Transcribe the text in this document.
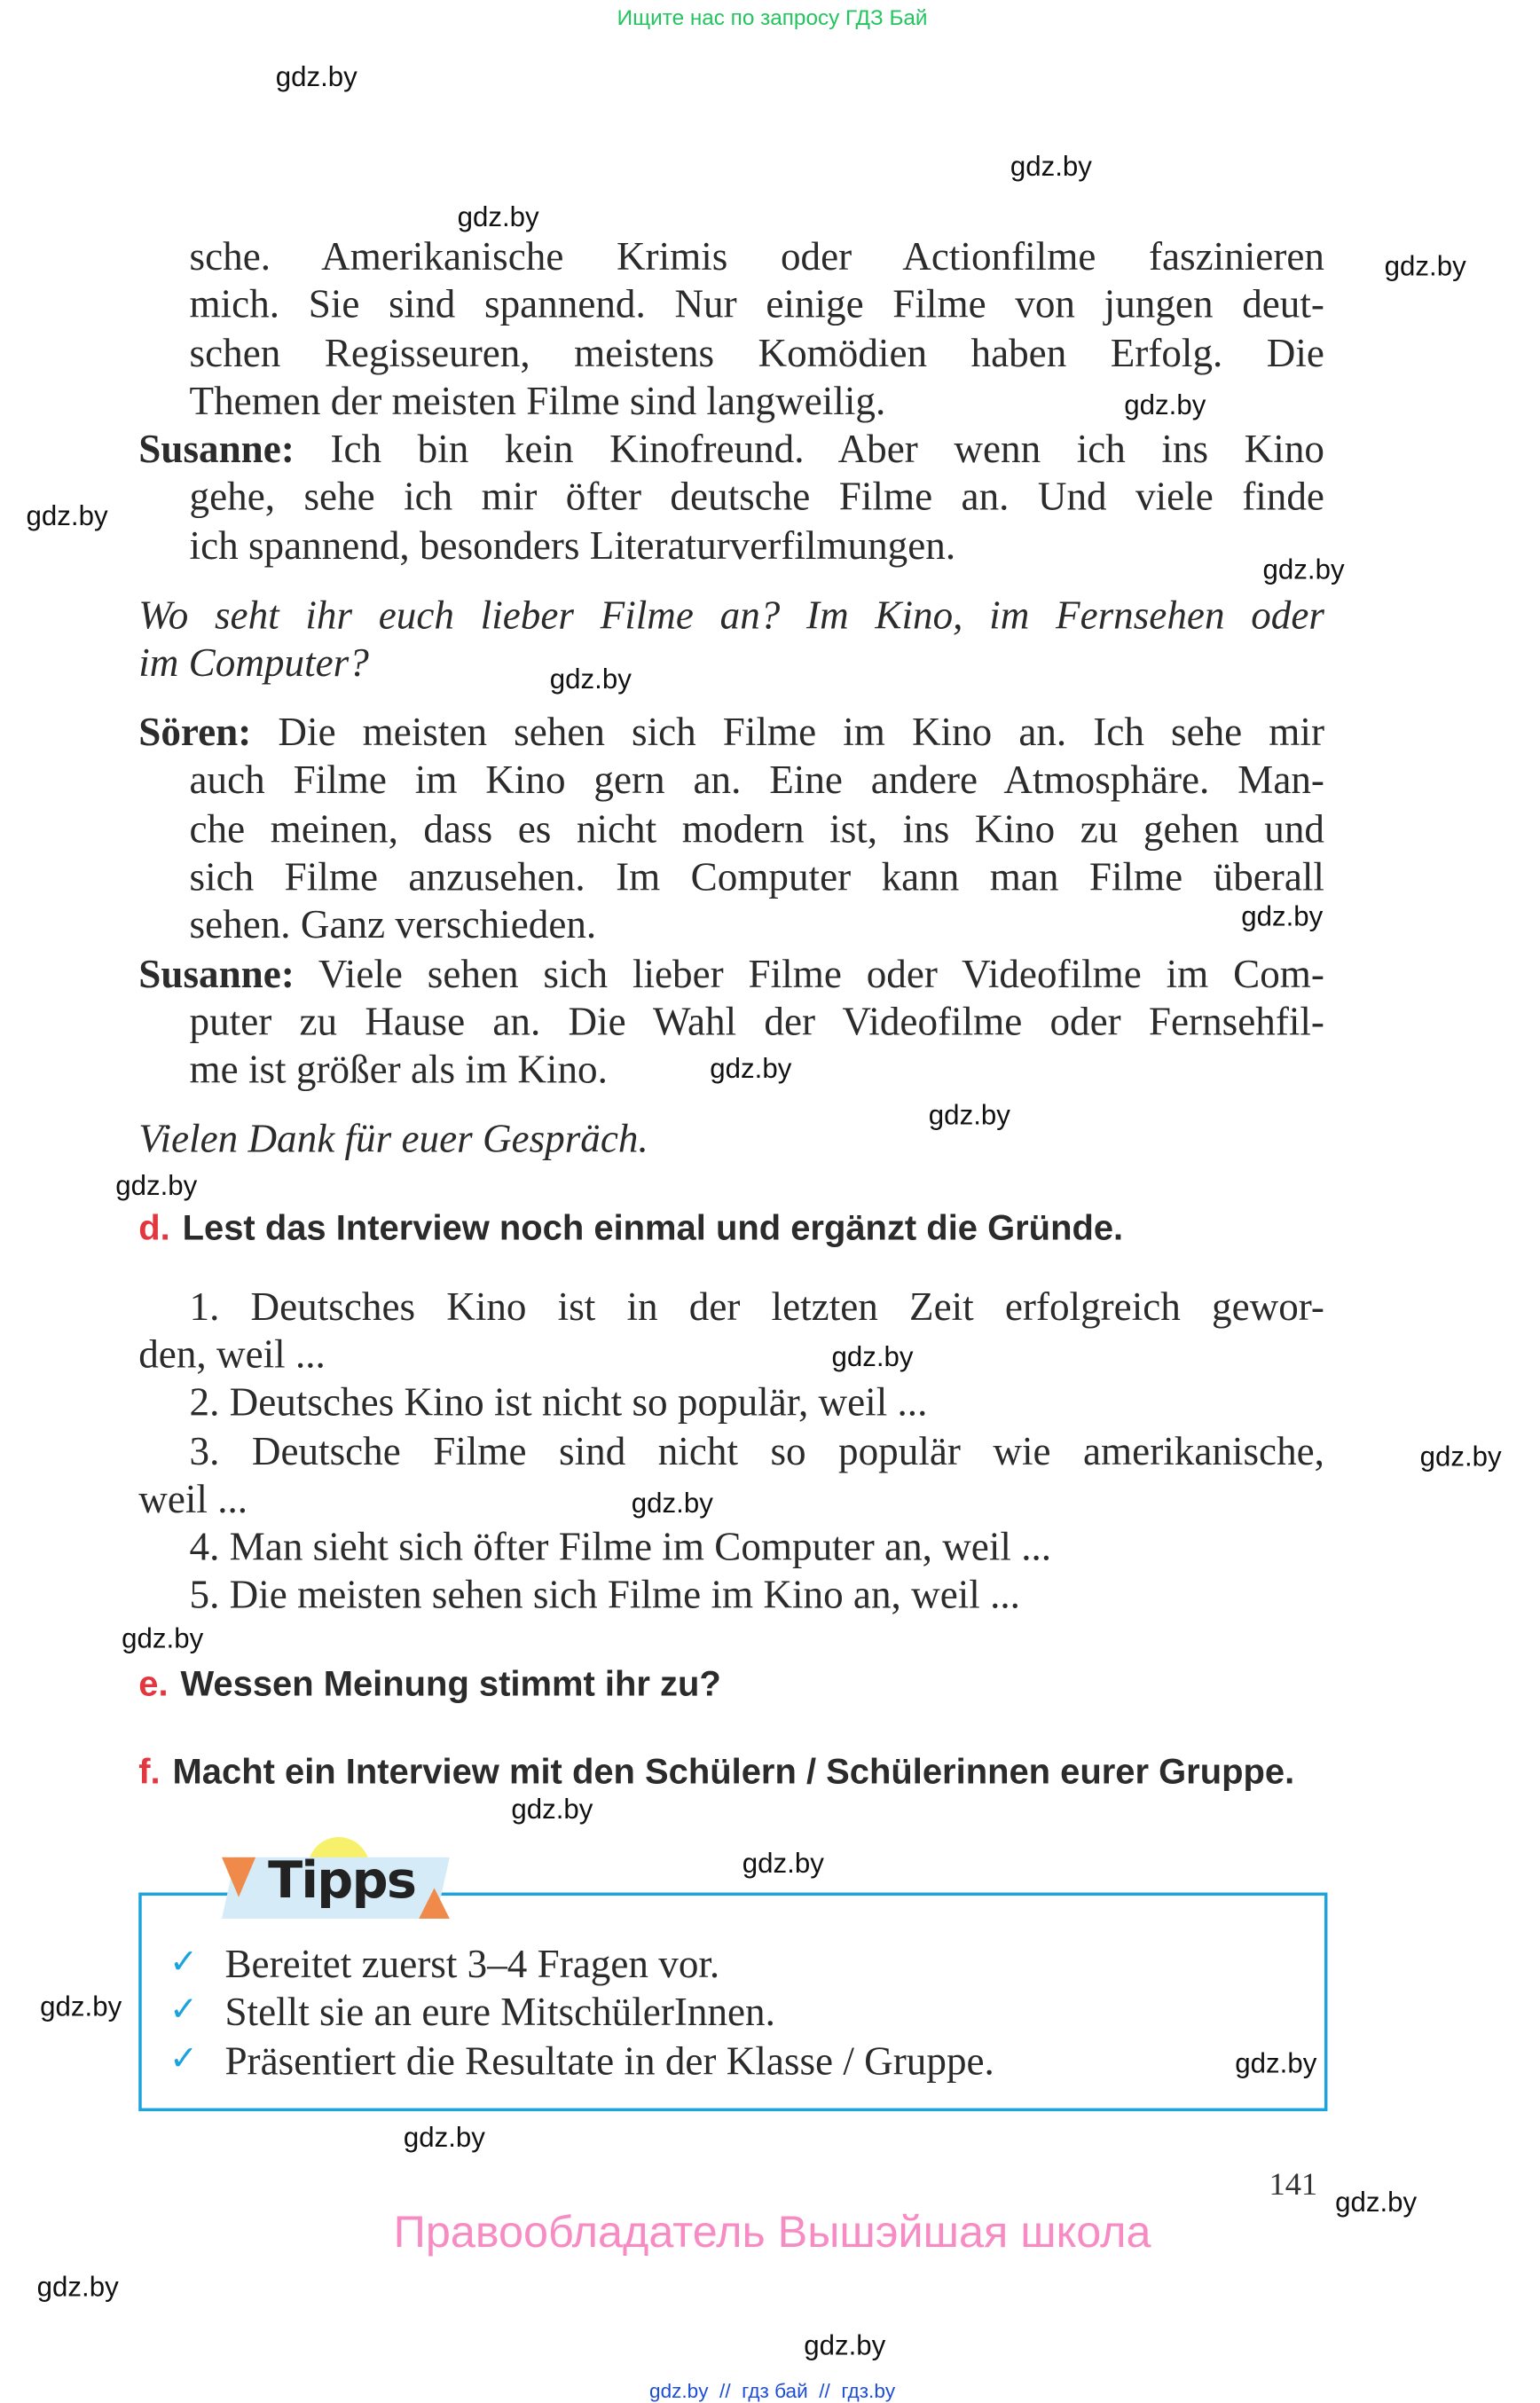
Ищите нас по запросу ГДЗ Бай
sche. Amerikanische Krimis oder Actionfilme faszinieren
mich. Sie sind spannend. Nur einige Filme von jungen deut-
schen Regisseuren, meistens Komödien haben Erfolg. Die
Themen der meisten Filme sind langweilig.
Susanne: Ich bin kein Kinofreund. Aber wenn ich ins Kino
gehe, sehe ich mir öfter deutsche Filme an. Und viele finde
ich spannend, besonders Literaturverfilmungen.
Wo seht ihr euch lieber Filme an? Im Kino, im Fernsehen oder
im Computer?
Sören: Die meisten sehen sich Filme im Kino an. Ich sehe mir
auch Filme im Kino gern an. Eine andere Atmosphäre. Man-
che meinen, dass es nicht modern ist, ins Kino zu gehen und
sich Filme anzusehen. Im Computer kann man Filme überall
sehen. Ganz verschieden.
Susanne: Viele sehen sich lieber Filme oder Videofilme im Com-
puter zu Hause an. Die Wahl der Videofilme oder Fernsehfil-
me ist größer als im Kino.
Vielen Dank für euer Gespräch.
d. Lest das Interview noch einmal und ergänzt die Gründe.
1. Deutsches Kino ist in der letzten Zeit erfolgreich gewor-
den, weil ...
2. Deutsches Kino ist nicht so populär, weil ...
3. Deutsche Filme sind nicht so populär wie amerikanische,
weil ...
4. Man sieht sich öfter Filme im Computer an, weil ...
5. Die meisten sehen sich Filme im Kino an, weil ...
e. Wessen Meinung stimmt ihr zu?
f. Macht ein Interview mit den Schülern / Schülerinnen eurer Gruppe.
Tipps
✓ Bereitet zuerst 3–4 Fragen vor.
✓ Stellt sie an eure MitschülerInnen.
✓ Präsentiert die Resultate in der Klasse / Gruppe.
141
Правообладатель Вышэйшая школа
gdz.by  //  гдз бай  //  гдз.by
gdz.by
gdz.by
gdz.by
gdz.by
gdz.by
gdz.by
gdz.by
gdz.by
gdz.by
gdz.by
gdz.by
gdz.by
gdz.by
gdz.by
gdz.by
gdz.by
gdz.by
gdz.by
gdz.by
gdz.by
gdz.by
gdz.by
gdz.by
gdz.by
